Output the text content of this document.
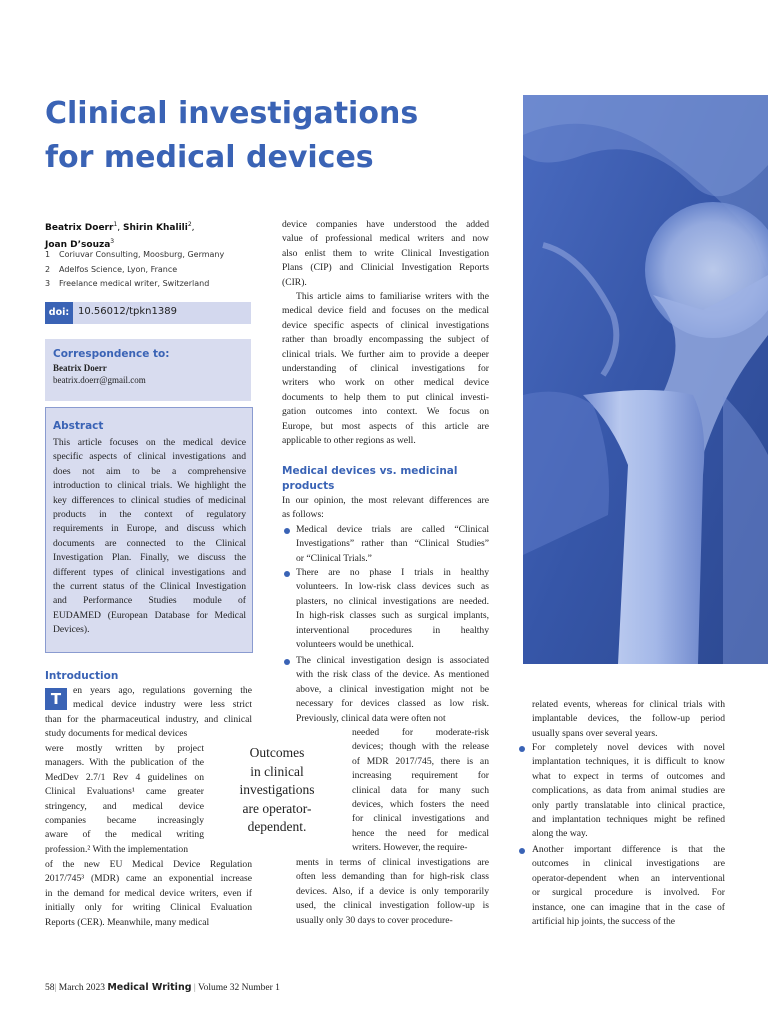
Clinical investigations
for medical devices
Beatrix Doerr$^1$, Shirin Khalili$^2$,
Joan D’souza$^3$
1 Coriuvar Consulting, Moosburg, Germany
2 Adelfos Science, Lyon, France
3 Freelance medical writer, Switzerland
doi: 10.56012/tpkn1389
Correspondence to:
Beatrix Doerr
beatrix.doerr@gmail.com
Abstract
This article focuses on the medical device
specific aspects of clinical investigations and
does not aim to be a comprehensive
introduction to clinical trials. We highlight the
key differences to clinical studies of medicinal
products in the context of regulatory
requirements in Europe, and discuss which
documents are connected to the Clinical
Investigation Plan. Finally, we discuss the
different types of clinical investigations and
the current status of the Clinical Investigation
and Performance Studies module of
EUDAMED (European Database for Medical
Devices).
Introduction
T	en years ago, regulations governing the
medical device industry were less strict
than for the pharmaceutical industry, and clinical
study documents for medical devices
were mostly written by project
managers. With the publication of the
MedDev 2.7/1 Rev 4 guidelines on
Clinical Evaluations¹ came greater
stringency, and medical device
companies became increasingly
aware of the medical writing
profession.² With the implementation
of the new EU Medical Device Regulation
2017/745³ (MDR) came an exponential increase
in the demand for medical device writers, even if
initially only for writing Clinical Evaluation
Reports (CER). Meanwhile, many medical
Outcomes
in clinical
investigations
are operator-
dependent.
device companies have understood the added
value of professional medical writers and now
also enlist them to write Clinical Investigation
Plans (CIP) and Clinicial Investigation Reports
(CIR).
This article aims to familiarise writers with the
medical device field and focuses on the medical
device specific aspects of clinical investigations
rather than broadly encompassing the subject of
clinical trials. We further aim to provide a deeper
understanding of clinical investigations for
writers who work on other medical device
documents to help them to put clinical investi-
gation outcomes into context. We focus on
Europe, but most aspects of this article are
applicable to other regions as well.
Medical devices vs. medicinal
products
In our opinion, the most relevant differences are
as follows:
Medical device trials are called “Clinical
Investigations” rather than “Clinical Studies”
or “Clinical Trials.”
There are no phase I trials in healthy
volunteers. In low-risk class devices such as
plasters, no clinical investigations are needed.
In high-risk classes such as surgical implants,
interventional procedures in healthy
volunteers would be unethical.
The clinical investigation design is associated
with the risk class of the device. As mentioned
above, a clinical investigation might not be
necessary for devices classed as low risk.
Previously, clinical data were often not
needed for moderate-risk
devices; though with the release
of MDR 2017/745, there is an
increasing requirement for
clinical data for many such
devices, which fosters the need
for clinical investigations and
hence the need for medical
writers. However, the require-
ments in terms of clinical investigations are
often less demanding than for high-risk class
devices. Also, if a device is only temporarily
used, the clinical investigation follow-up is
usually only 30 days to cover procedure-
related events, whereas for clinical trials with
implantable devices, the follow-up period
usually spans over several years.
For completely novel devices with novel
implantation techniques, it is difficult to know
what to expect in terms of outcomes and
complications, as data from animal studies are
only partly translatable into clinical practice,
and implantation techniques might be refined
along the way.
Another important difference is that the
outcomes in clinical investigations are
operator-dependent when an interventional
or surgical procedure is involved. For
instance, one can imagine that in the case of
artificial hip joints, the success of the
58| March 2023 Medical Writing | Volume 32 Number 1
